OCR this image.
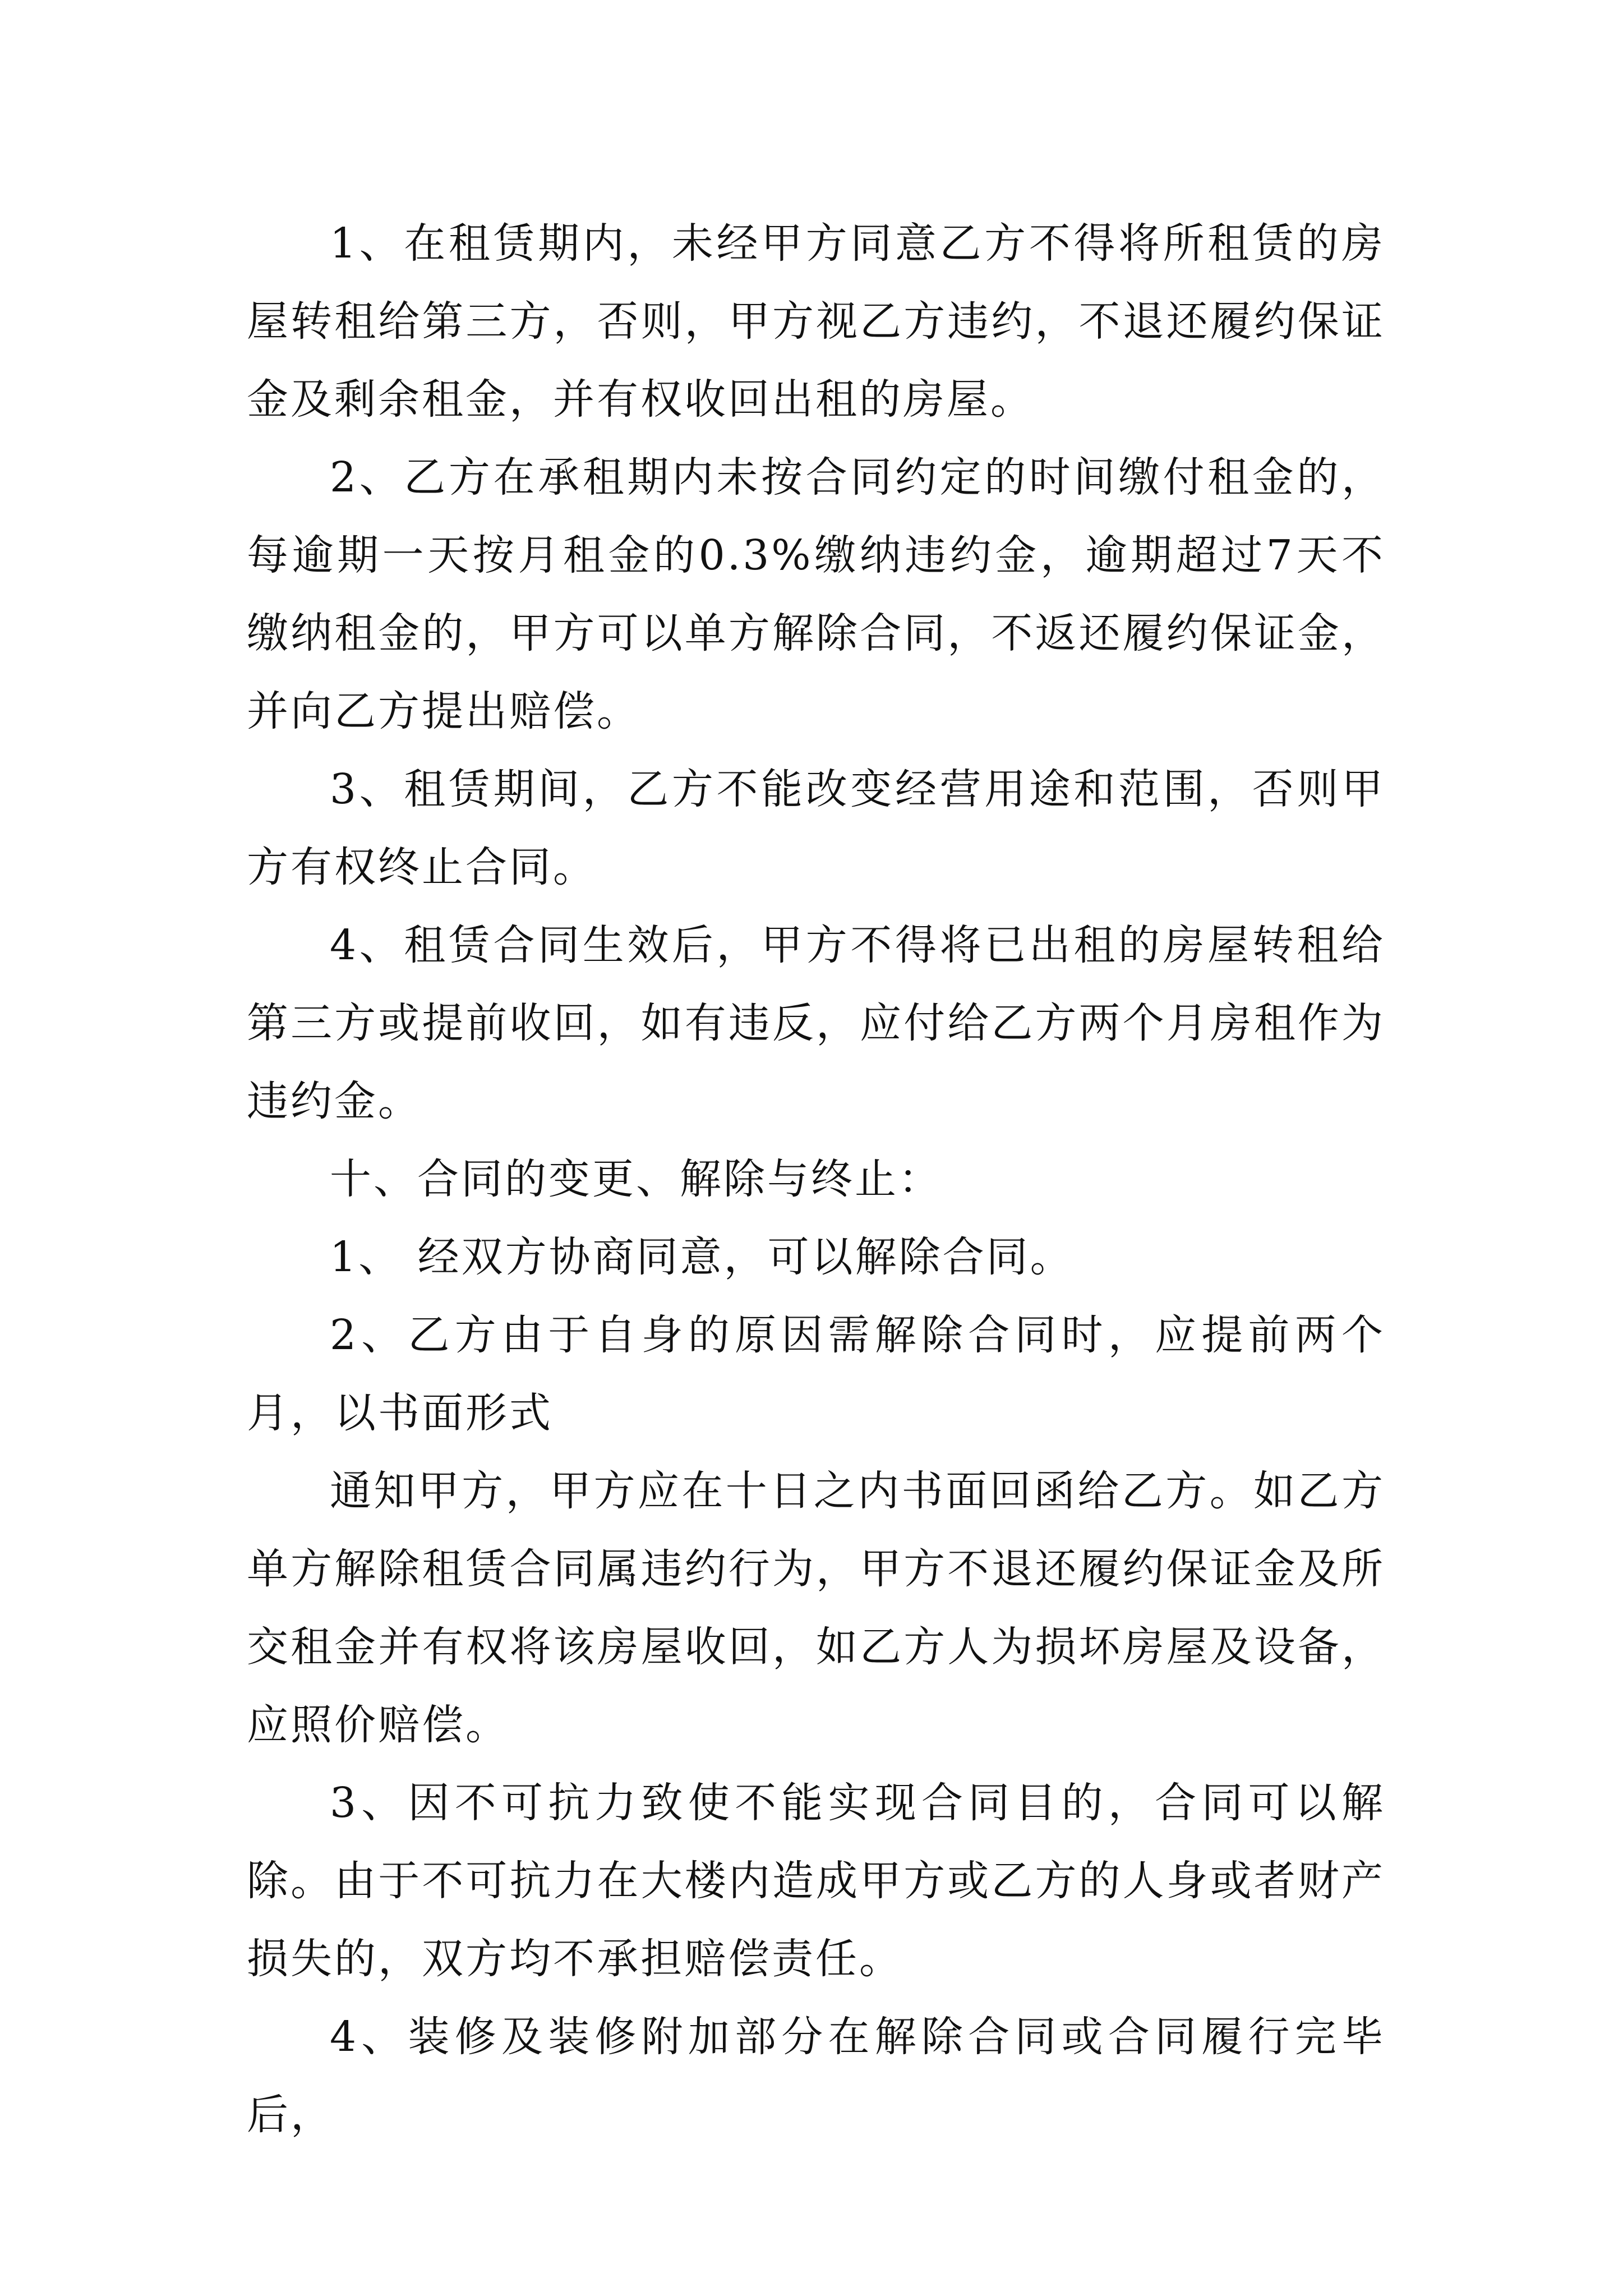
1、在租赁期内，未经甲方同意乙方不得将所租赁的房屋转租给第三方，否则，甲方视乙方违约，不退还履约保证金及剩余租金，并有权收回出租的房屋。

2、乙方在承租期内未按合同约定的时间缴付租金的，每逾期一天按月租金的0.3%缴纳违约金，逾期超过7天不缴纳租金的，甲方可以单方解除合同，不返还履约保证金，并向乙方提出赔偿。

3、租赁期间，乙方不能改变经营用途和范围，否则甲方有权终止合同。

4、租赁合同生效后，甲方不得将已出租的房屋转租给第三方或提前收回，如有违反，应付给乙方两个月房租作为违约金。

十、合同的变更、解除与终止：

1、 经双方协商同意，可以解除合同。

2、乙方由于自身的原因需解除合同时，应提前两个月，以书面形式

通知甲方，甲方应在十日之内书面回函给乙方。如乙方单方解除租赁合同属违约行为，甲方不退还履约保证金及所交租金并有权将该房屋收回，如乙方人为损坏房屋及设备，应照价赔偿。

3、因不可抗力致使不能实现合同目的，合同可以解除。由于不可抗力在大楼内造成甲方或乙方的人身或者财产损失的，双方均不承担赔偿责任。

4、装修及装修附加部分在解除合同或合同履行完毕后，
